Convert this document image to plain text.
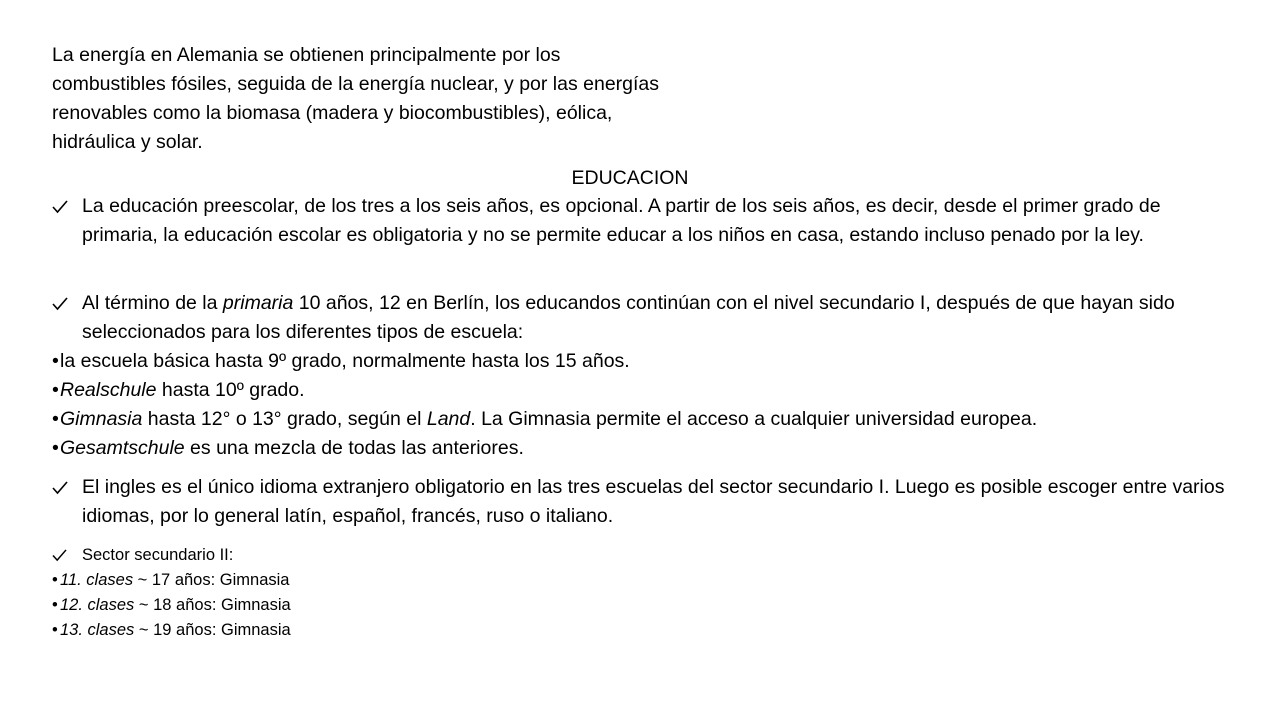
La energía en Alemania se obtienen principalmente por los combustibles fósiles, seguida de la energía nuclear, y por las energías renovables como la biomasa (madera y biocombustibles), eólica, hidráulica y solar.

EDUCACION

La educación preescolar, de los tres a los seis años, es opcional. A partir de los seis años, es decir, desde el primer grado de primaria, la educación escolar es obligatoria y no se permite educar a los niños en casa, estando incluso penado por la ley.
Al término de la primaria 10 años, 12 en Berlín, los educandos continúan con el nivel secundario I, después de que hayan sido seleccionados para los diferentes tipos de escuela:
•la escuela básica hasta 9º grado, normalmente hasta los 15 años.
•Realschule hasta 10º grado.
•Gimnasia hasta 12° o 13° grado, según el Land. La Gimnasia permite el acceso a cualquier universidad europea.
•Gesamtschule es una mezcla de todas las anteriores.
El ingles es el único idioma extranjero obligatorio en las tres escuelas del sector secundario I. Luego es posible escoger entre varios idiomas, por lo general latín, español, francés, ruso o italiano.
Sector secundario II:
• 11. clases ~ 17 años: Gimnasia
• 12. clases ~ 18 años: Gimnasia
• 13. clases ~ 19 años: Gimnasia
